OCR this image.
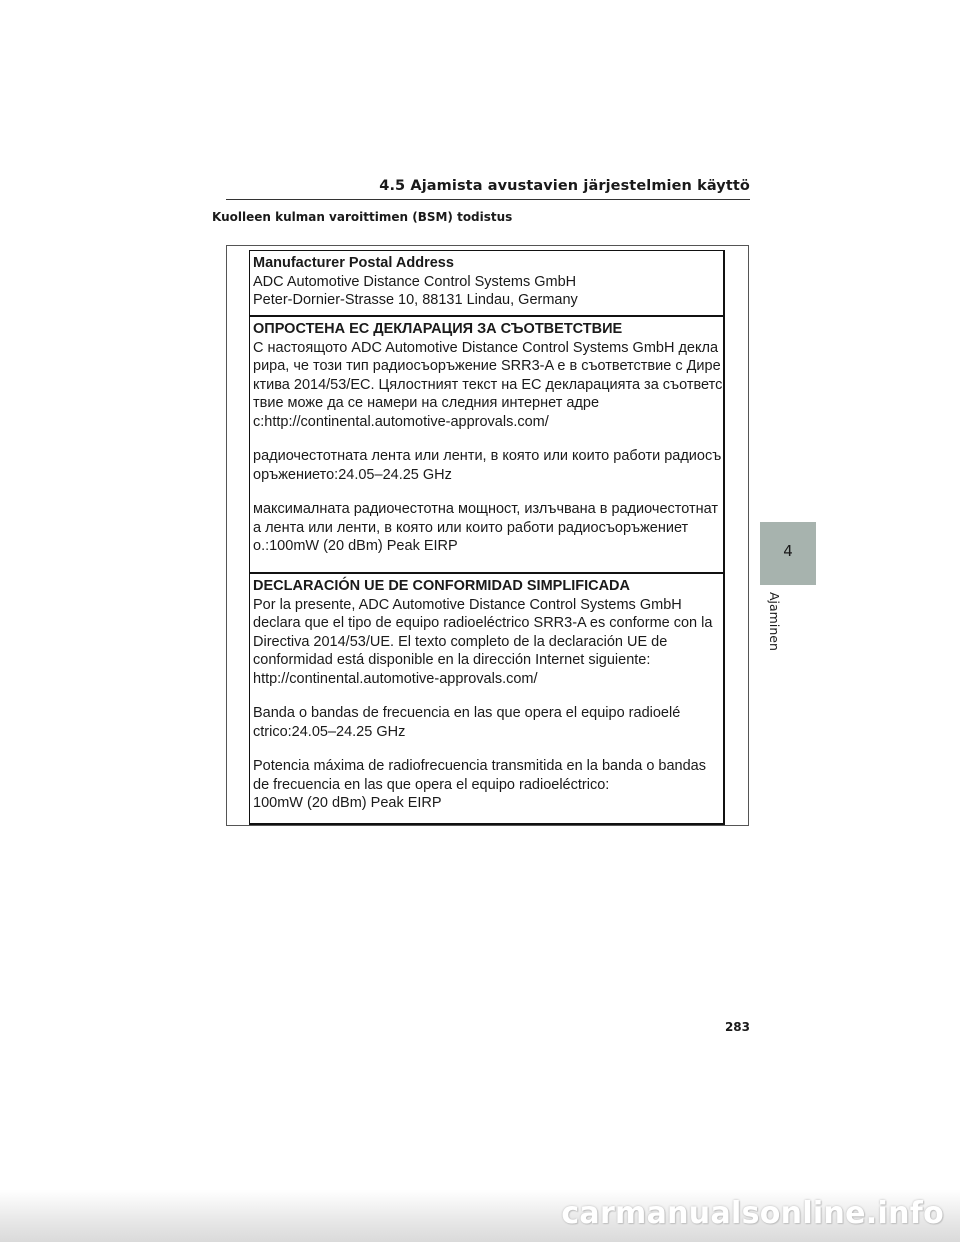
4.5 Ajamista avustavien järjestelmien käyttö
Kuolleen kulman varoittimen (BSM) todistus
Manufacturer Postal Address
ADC Automotive Distance Control Systems GmbH
Peter-Dornier-Strasse 10, 88131 Lindau, Germany
ОПРОСТЕНА ЕС ДЕКЛАРАЦИЯ ЗА СЪОТВЕТСТВИЕ
С настоящото ADC Automotive Distance Control Systems GmbH декла
рира, че този тип радиосъоръжение SRR3-A е в съответствие с Дире
ктива 2014/53/ЕС. Цялостният текст на ЕС декларацията за съответс
твие може да се намери на следния интернет адре
с:http://continental.automotive-approvals.com/
радиочестотната лента или ленти, в която или които работи радиосъ
оръжението:24.05–24.25 GHz
максималната радиочестотна мощност, излъчвана в радиочестотнат
а лента или ленти, в която или които работи радиосъоръжениет
о.:100mW (20 dBm) Peak EIRP
DECLARACIÓN UE DE CONFORMIDAD SIMPLIFICADA
Por la presente, ADC Automotive Distance Control Systems GmbH
declara que el tipo de equipo radioeléctrico SRR3-A es conforme con la
Directiva 2014/53/UE. El texto completo de la declaración UE de
conformidad está disponible en la dirección Internet siguiente:
http://continental.automotive-approvals.com/
Banda o bandas de frecuencia en las que opera el equipo radioelé
ctrico:24.05–24.25 GHz
Potencia máxima de radiofrecuencia transmitida en la banda o bandas
de frecuencia en las que opera el equipo radioeléctrico:
100mW (20 dBm) Peak EIRP
4
Ajaminen
283
carmanualsonline.info
